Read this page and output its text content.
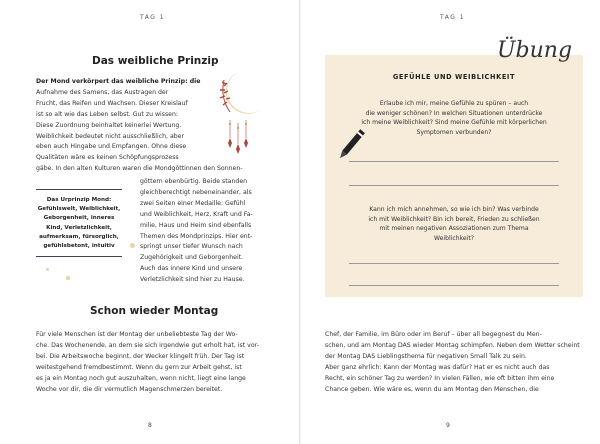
TAG 1
Das weibliche Prinzip
Der Mond verkörpert das weibliche Prinzip: die
Aufnahme des Samens, das Austragen der
Frucht, das Reifen und Wachsen. Dieser Kreislauf
ist so alt wie das Leben selbst. Gut zu wissen:
Diese Zuordnung beinhaltet keinerlei Wertung.
Weiblichkeit bedeutet nicht ausschließlich, aber
eben auch Hingabe und Empfangen. Ohne diese
Qualitäten wäre es keinen Schöpfungsprozess
gäbe. In den alten Kulturen waren die Mondgöttinnen den Sonnen-
Das Urprinzip Mond:
Gefühlswelt, Weiblichkeit,
Geborgenheit, inneres
Kind, Verletzlichkeit,
aufmerksam, fürsorglich,
gefühlsbetont, intuitiv
göttern ebenbürtig. Beide standen
gleichberechtigt nebeneinander, als
zwei Seiten einer Medaille: Gefühl
und Weiblichkeit, Herz, Kraft und Fa-
milie, Haus und Heim sind ebenfalls
Themen des Mondprinzips. Hier ent-
springt unser tiefer Wunsch nach
Zugehörigkeit und Geborgenheit.
Auch das innere Kind und unsere
Verletzlichkeit sind hier zu Hause.
Schon wieder Montag
Für viele Menschen ist der Montag der unbeliebteste Tag der Wo-
che. Das Wochenende, an dem sie sich irgendwie gut erholt hat, ist vor-
bei. Die Arbeitswoche beginnt, der Wecker klingelt früh. Der Tag ist
weitestgehend fremdbestimmt. Wenn du gern zur Arbeit gehst, ist
es ja ein Montag noch gut auszuhalten, wenn nicht, liegt eine lange
Woche vor dir, die dir vermutlich Magenschmerzen bereitet.
8
TAG 1
GEFÜHLE UND WEIBLICHKEIT
Erlaube ich mir, meine Gefühle zu spüren – auch
die weniger schönen? In welchen Situationen unterdrücke
ich meine Weiblichkeit? Sind meine Gefühle mit körperlichen
Symptomen verbunden?
Kann ich mich annehmen, so wie ich bin? Was verbinde
ich mit Weiblichkeit? Bin ich bereit, Frieden zu schließen
mit meinen negativen Assoziationen zum Thema
Weiblichkeit?
Chef, der Familie, im Büro oder im Beruf – über all begegnest du Men-
schen, und am Montag DAS wieder Montag schimpfen. Neben dem Wetter scheint
der Montag DAS Lieblingsthema für negativen Small Talk zu sein.
Aber ganz ehrlich: Kann der Montag was dafür? Hat er es nicht auch das
Recht, ein schöner Tag zu werden? In vielen Fällen, wie oft bitten ihm eine
Chance geben. Wie wäre es, wenn du am Montag den Menschen, die
9
Übung
